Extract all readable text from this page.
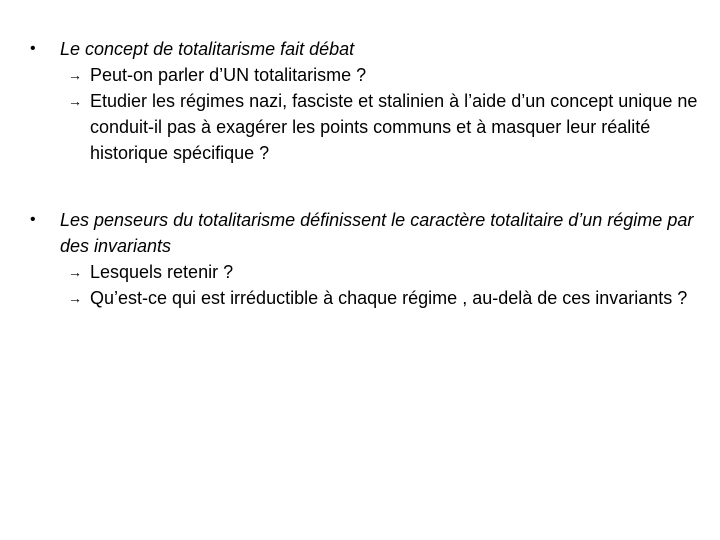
• Le concept de totalitarisme fait débat
→ Peut-on parler d’UN totalitarisme ?
→ Etudier les régimes nazi, fasciste et stalinien à l’aide d’un concept unique ne conduit-il pas à exagérer les points communs et à masquer leur réalité historique spécifique ?
• Les penseurs du totalitarisme définissent le caractère totalitaire d’un régime par des invariants
→ Lesquels retenir ?
→ Qu’est-ce qui est irréductible à chaque régime , au-delà de ces invariants ?
